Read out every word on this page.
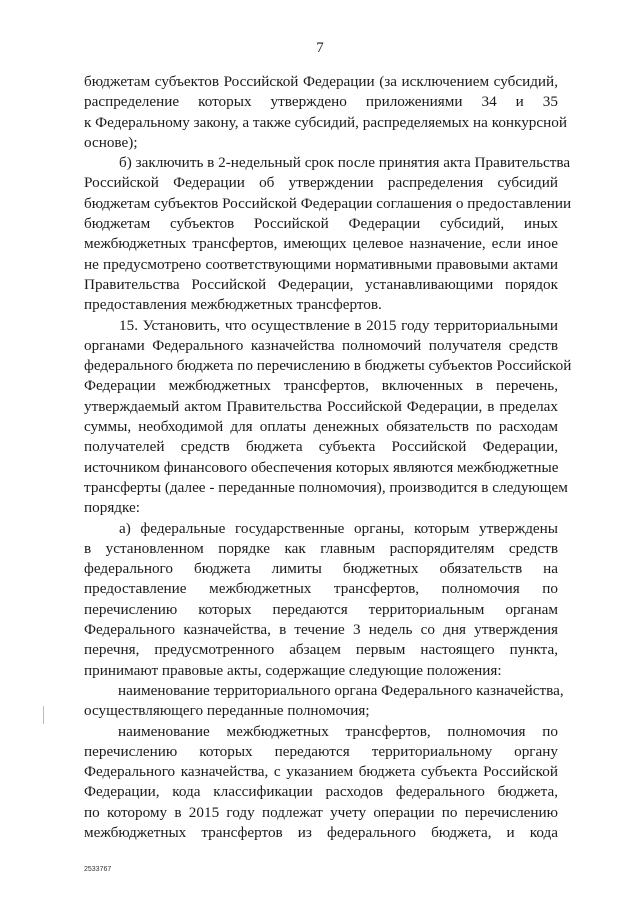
7
бюджетам субъектов Российской Федерации (за исключением субсидий,
распределение которых утверждено приложениями 34 и 35
к Федеральному закону, а также субсидий, распределяемых на конкурсной
основе);
б) заключить в 2-недельный срок после принятия акта Правительства
Российской Федерации об утверждении распределения субсидий
бюджетам субъектов Российской Федерации соглашения о предоставлении
бюджетам субъектов Российской Федерации субсидий, иных
межбюджетных трансфертов, имеющих целевое назначение, если иное
не предусмотрено соответствующими нормативными правовыми актами
Правительства Российской Федерации, устанавливающими порядок
предоставления межбюджетных трансфертов.
15. Установить, что осуществление в 2015 году территориальными
органами Федерального казначейства полномочий получателя средств
федерального бюджета по перечислению в бюджеты субъектов Российской
Федерации межбюджетных трансфертов, включенных в перечень,
утверждаемый актом Правительства Российской Федерации, в пределах
суммы, необходимой для оплаты денежных обязательств по расходам
получателей средств бюджета субъекта Российской Федерации,
источником финансового обеспечения которых являются межбюджетные
трансферты (далее - переданные полномочия), производится в следующем
порядке:
а) федеральные государственные органы, которым утверждены
в установленном порядке как главным распорядителям средств
федерального бюджета лимиты бюджетных обязательств на
предоставление межбюджетных трансфертов, полномочия по
перечислению которых передаются территориальным органам
Федерального казначейства, в течение 3 недель со дня утверждения
перечня, предусмотренного абзацем первым настоящего пункта,
принимают правовые акты, содержащие следующие положения:
наименование территориального органа Федерального казначейства,
осуществляющего переданные полномочия;
наименование межбюджетных трансфертов, полномочия по
перечислению которых передаются территориальному органу
Федерального казначейства, с указанием бюджета субъекта Российской
Федерации, кода классификации расходов федерального бюджета,
по которому в 2015 году подлежат учету операции по перечислению
межбюджетных трансфертов из федерального бюджета, и кода
2533767
